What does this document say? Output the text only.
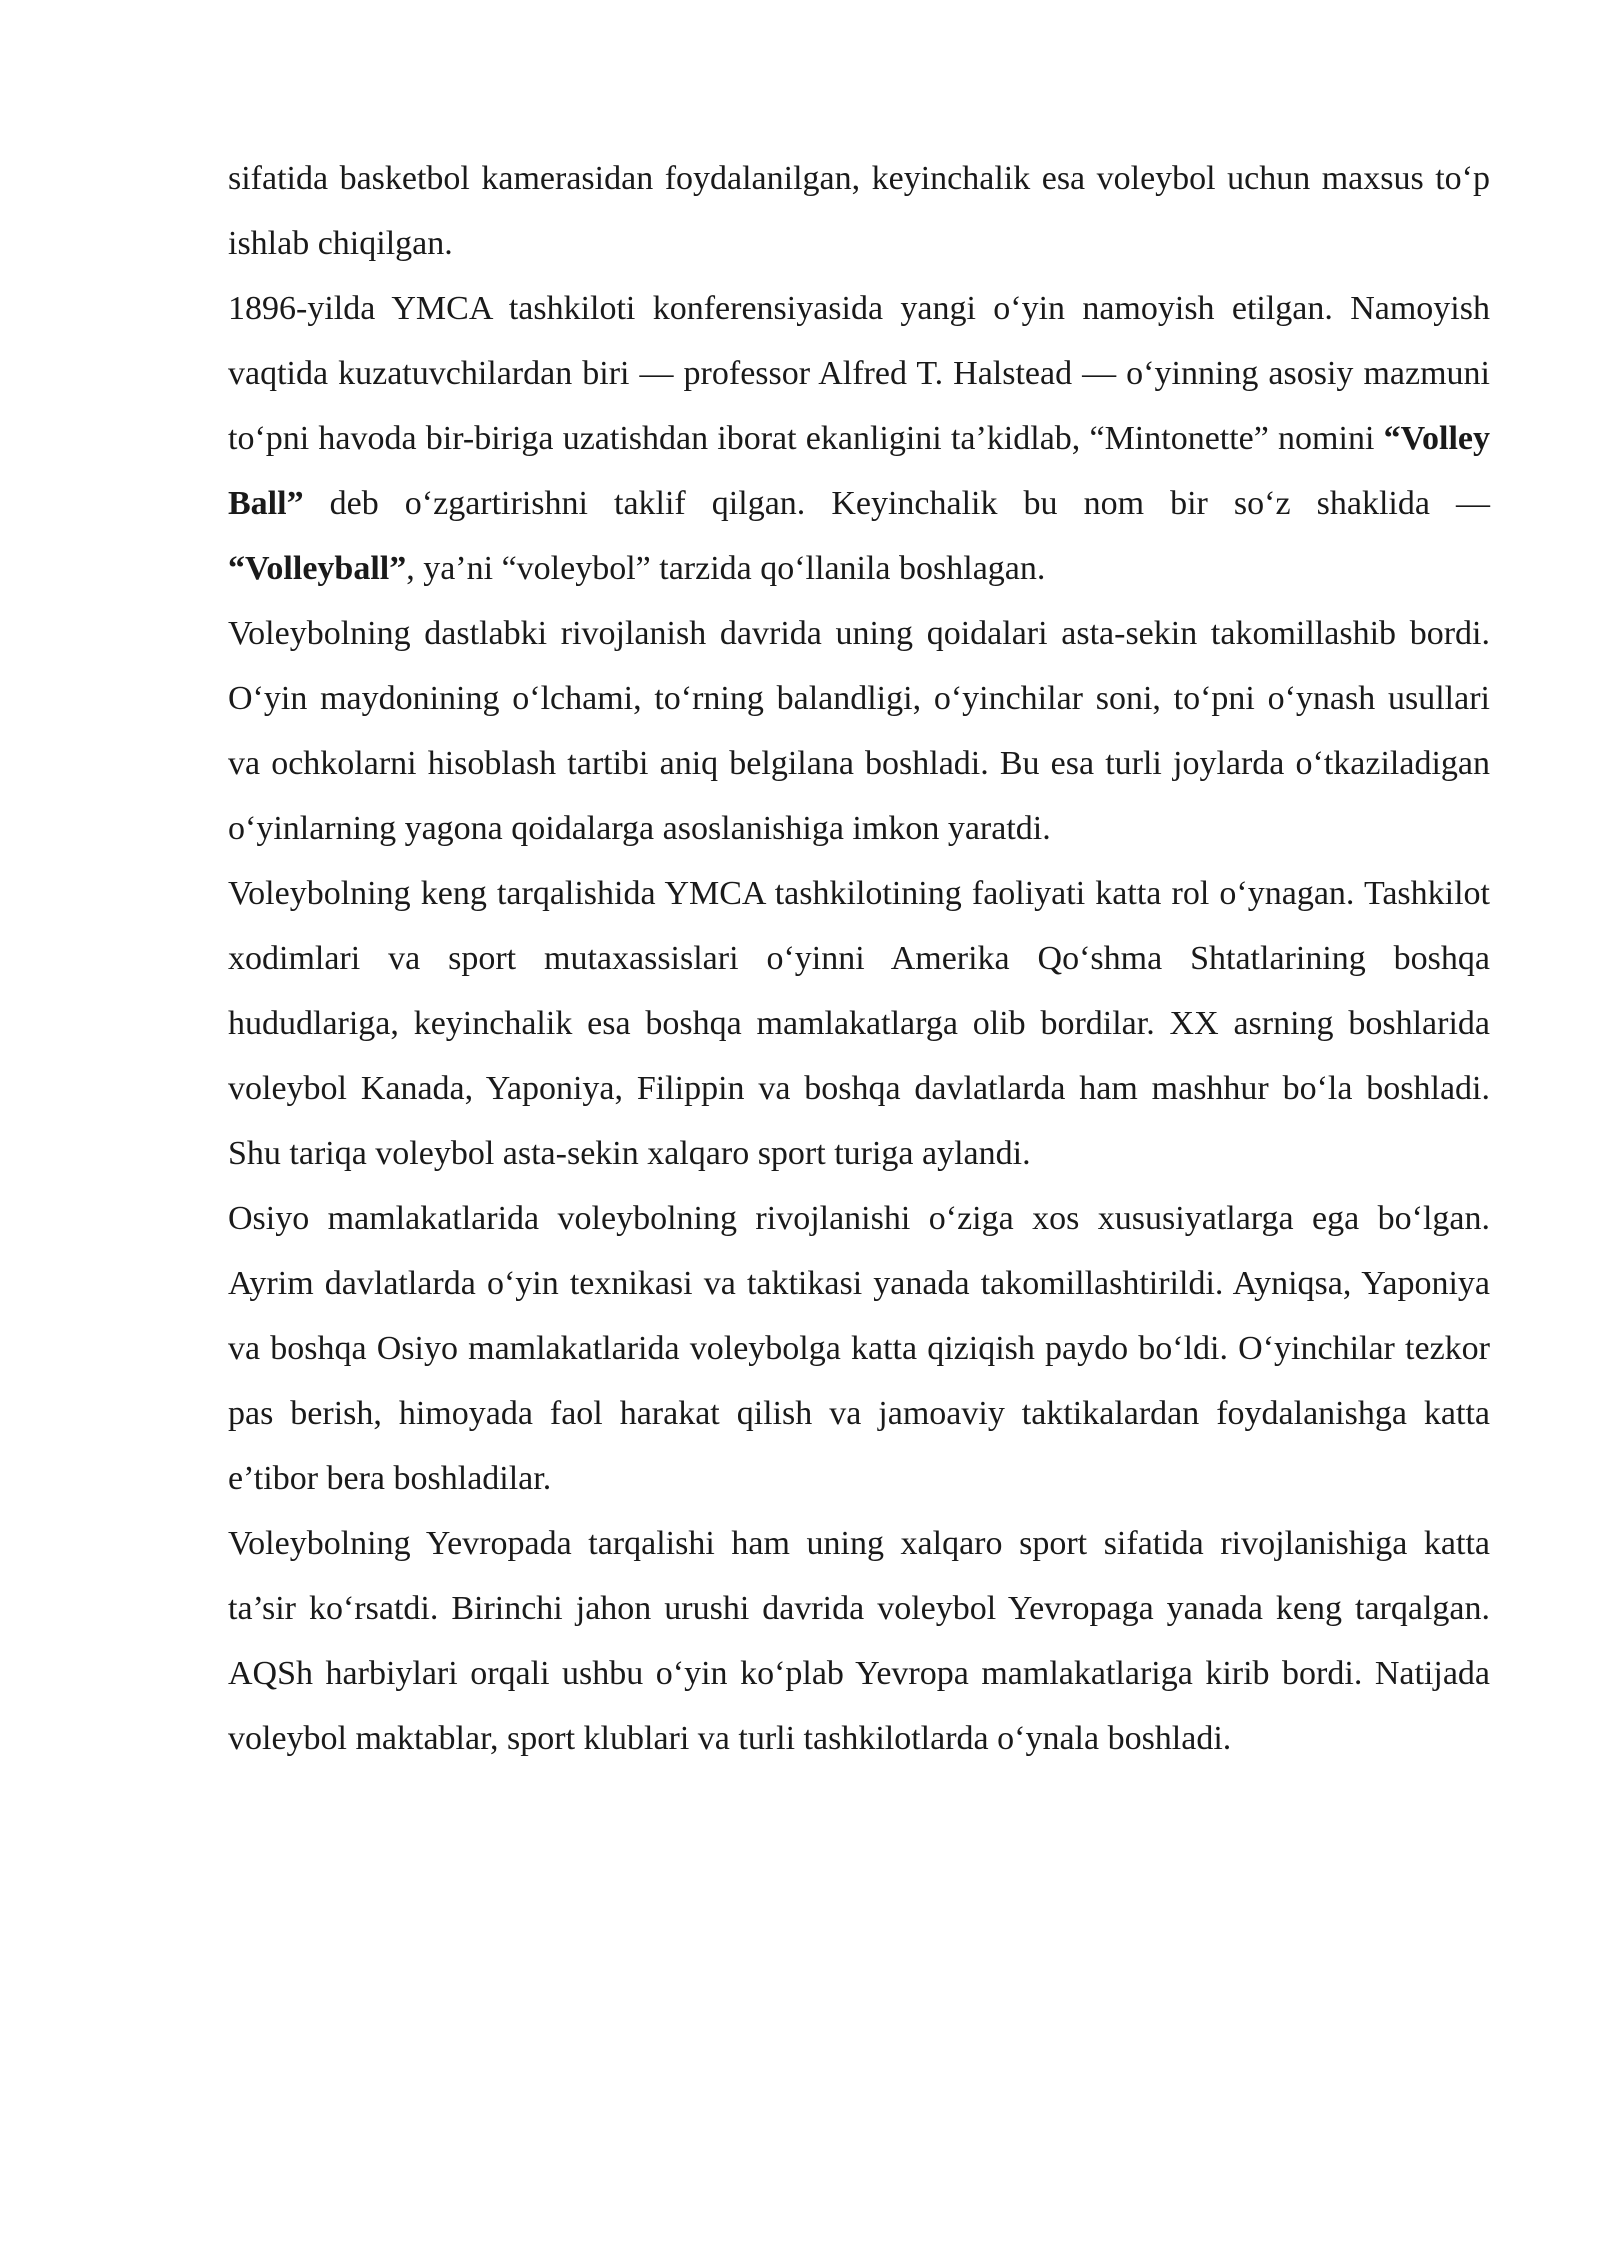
sifatida basketbol kamerasidan foydalanilgan, keyinchalik esa voleybol uchun maxsus to‘p ishlab chiqilgan.

1896-yilda YMCA tashkiloti konferensiyasida yangi o‘yin namoyish etilgan. Namoyish vaqtida kuzatuvchilardan biri — professor Alfred T. Halstead — o‘yinning asosiy mazmuni to‘pni havoda bir-biriga uzatishdan iborat ekanligini ta’kidlab, “Mintonette” nomini “Volley Ball” deb o‘zgartirishni taklif qilgan. Keyinchalik bu nom bir so‘z shaklida — “Volleyball”, ya’ni “voleybol” tarzida qo‘llanila boshlagan.

Voleybolning dastlabki rivojlanish davrida uning qoidalari asta-sekin takomillashib bordi. O‘yin maydonining o‘lchami, to‘rning balandligi, o‘yinchilar soni, to‘pni o‘ynash usullari va ochkolarni hisoblash tartibi aniq belgilana boshladi. Bu esa turli joylarda o‘tkaziladigan o‘yinlarning yagona qoidalarga asoslanishiga imkon yaratdi.

Voleybolning keng tarqalishida YMCA tashkilotining faoliyati katta rol o‘ynagan. Tashkilot xodimlari va sport mutaxassislari o‘yinni Amerika Qo‘shma Shtatlarining boshqa hududlariga, keyinchalik esa boshqa mamlakatlarga olib bordilar. XX asrning boshlarida voleybol Kanada, Yaponiya, Filippin va boshqa davlatlarda ham mashhur bo‘la boshladi. Shu tariqa voleybol asta-sekin xalqaro sport turiga aylandi.

Osiyo mamlakatlarida voleybolning rivojlanishi o‘ziga xos xususiyatlarga ega bo‘lgan. Ayrim davlatlarda o‘yin texnikasi va taktikasi yanada takomillashtirildi. Ayniqsa, Yaponiya va boshqa Osiyo mamlakatlarida voleybolga katta qiziqish paydo bo‘ldi. O‘yinchilar tezkor pas berish, himoyada faol harakat qilish va jamoaviy taktikalardan foydalanishga katta e’tibor bera boshladilar.

Voleybolning Yevropada tarqalishi ham uning xalqaro sport sifatida rivojlanishiga katta ta’sir ko‘rsatdi. Birinchi jahon urushi davrida voleybol Yevropaga yanada keng tarqalgan. AQSh harbiylari orqali ushbu o‘yin ko‘plab Yevropa mamlakatlariga kirib bordi. Natijada voleybol maktablar, sport klublari va turli tashkilotlarda o‘ynala boshladi.
